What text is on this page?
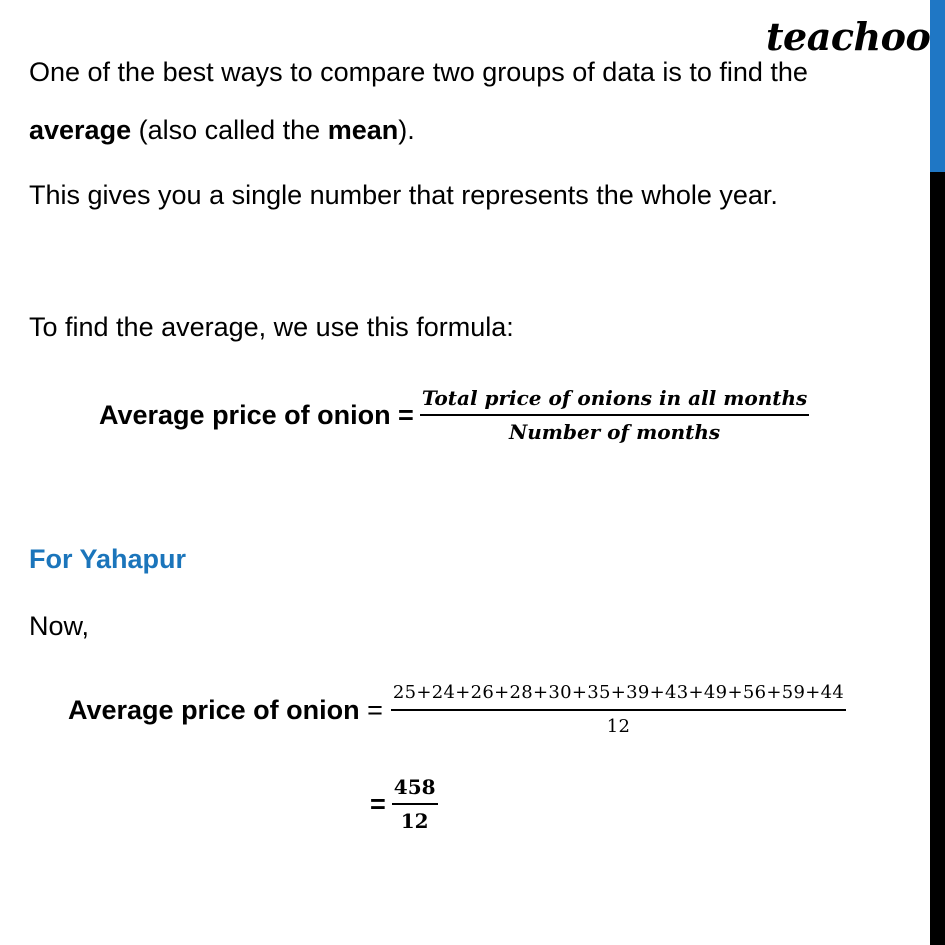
teachoo
One of the best ways to compare two groups of data is to find the
average (also called the mean).
This gives you a single number that represents the whole year.
To find the average, we use this formula:
Average price of onion = $\frac{\text{Total price of onions in all months}}{\text{Number of months}}$
For Yahapur
Now,
Average price of onion = $\frac{25+24+26+28+30+35+39+43+49+56+59+44}{12}$
= $\frac{458}{12}$
